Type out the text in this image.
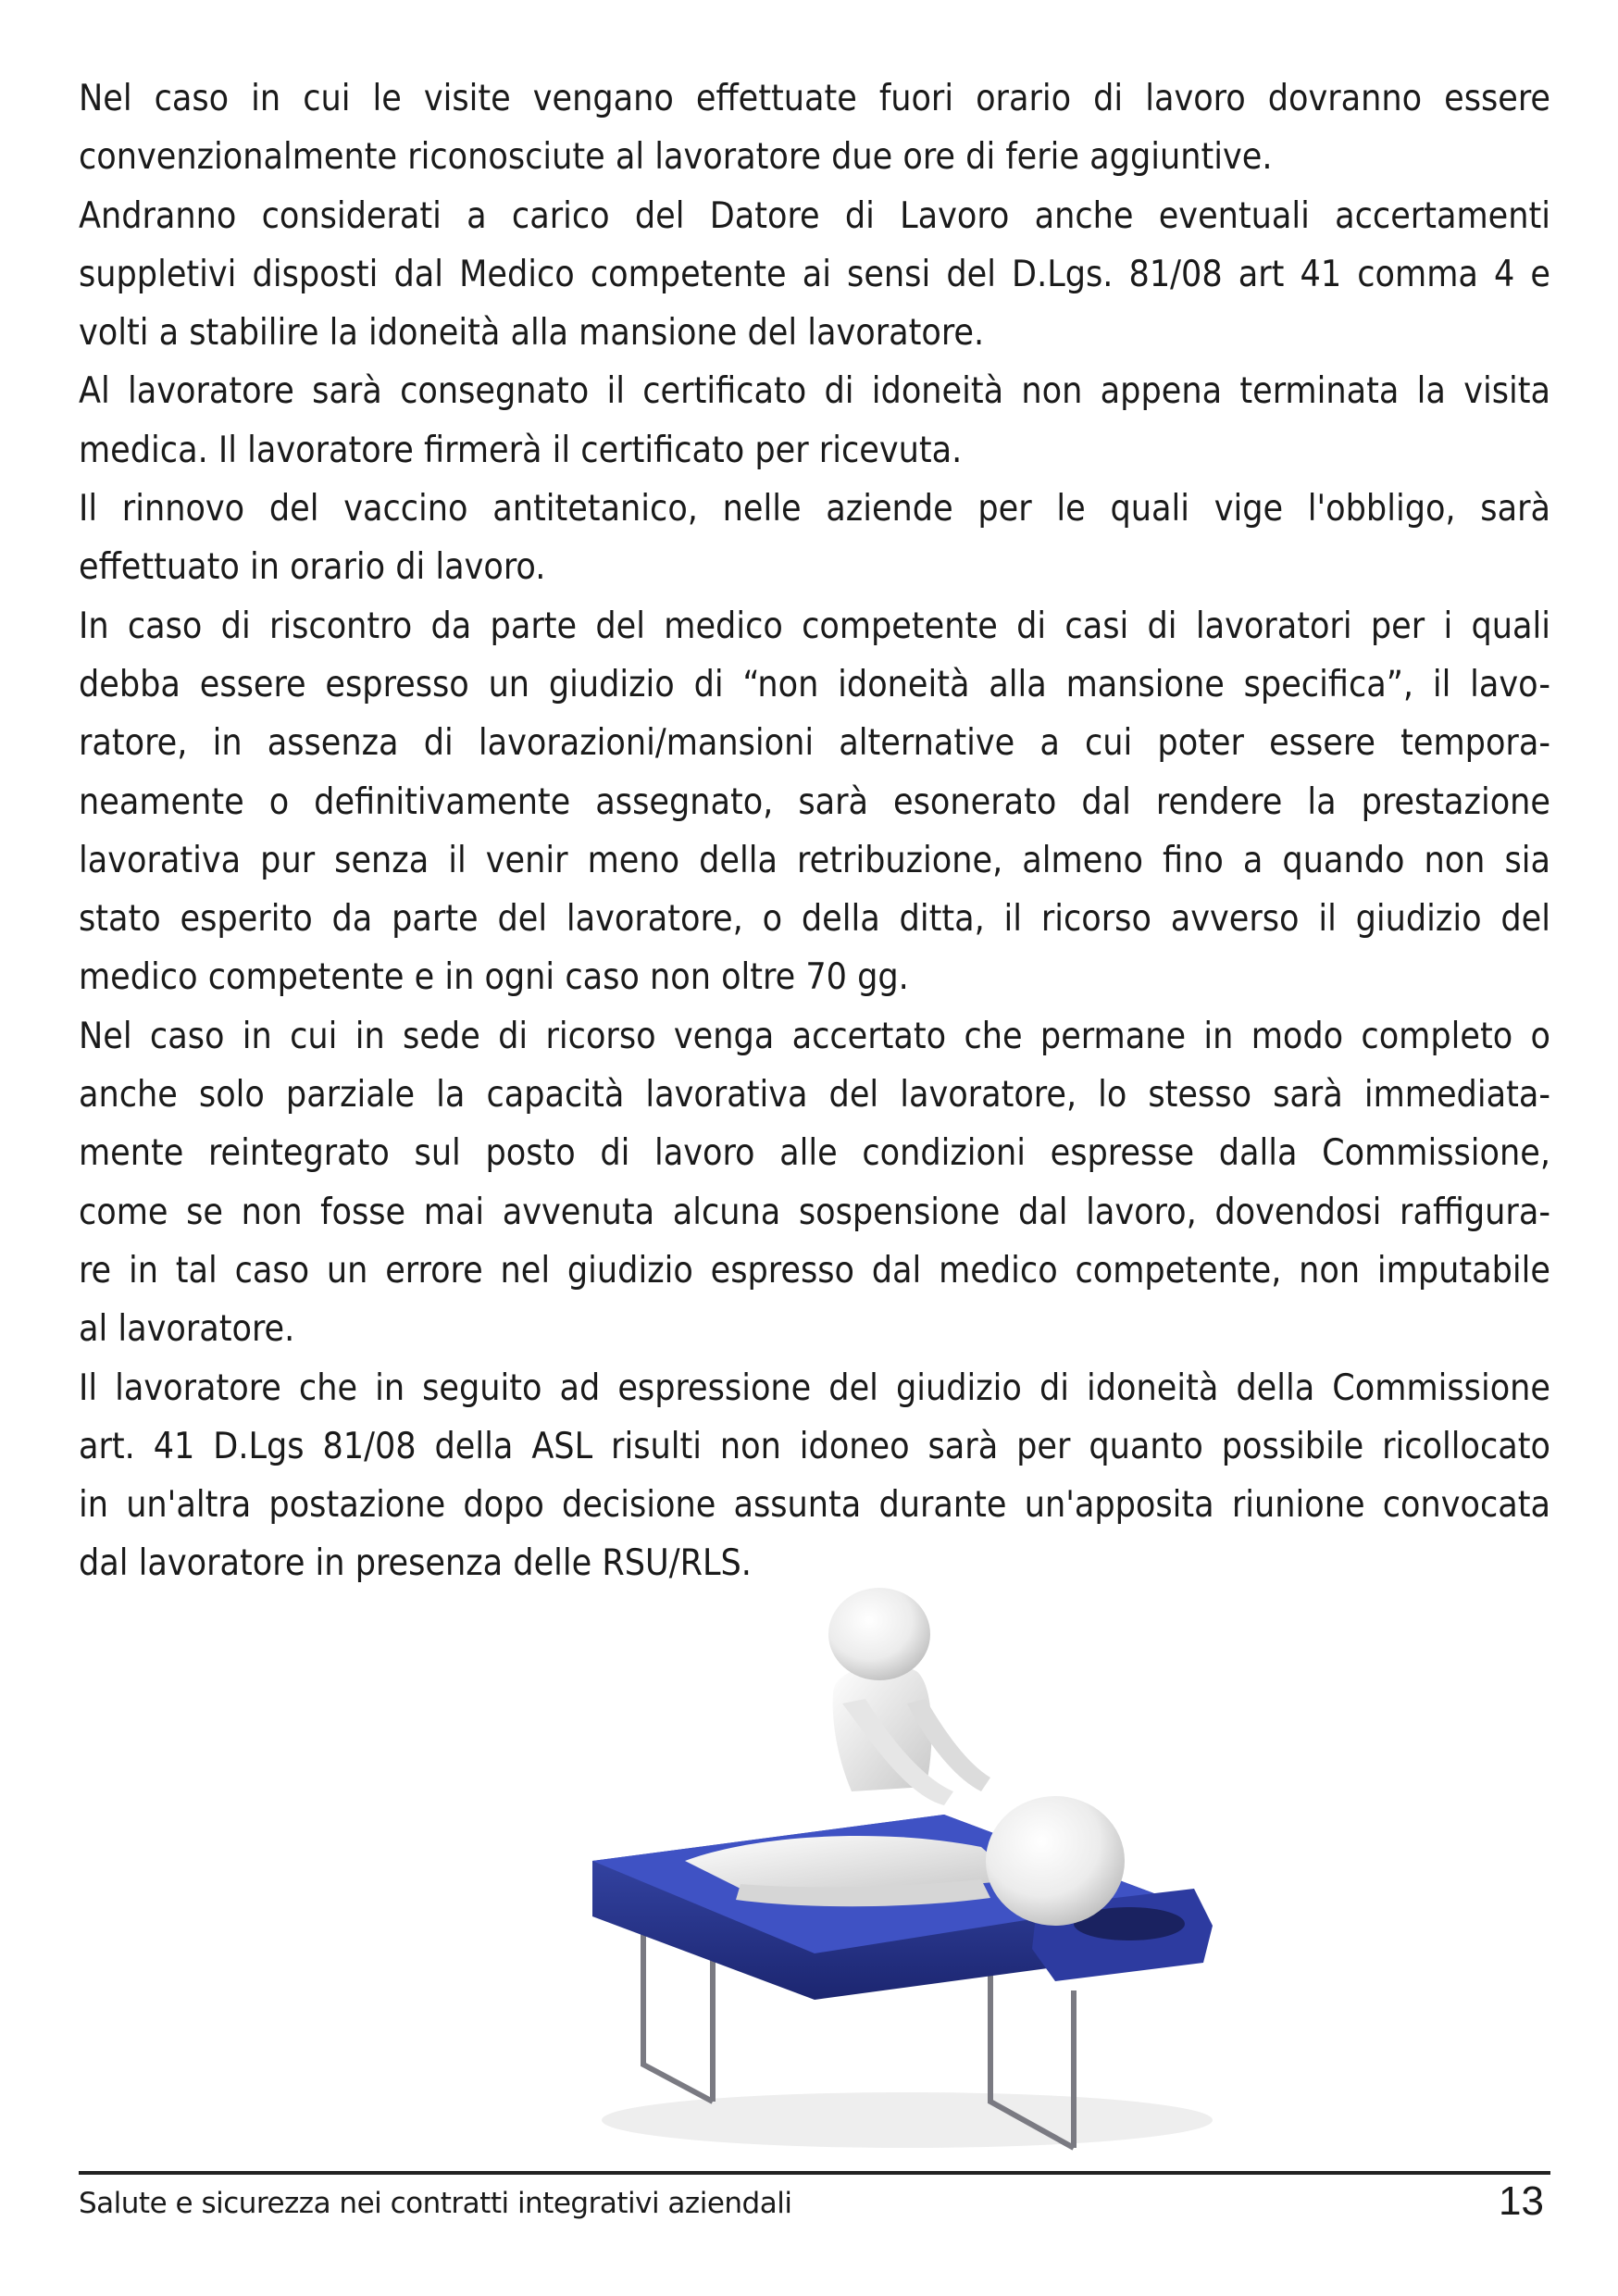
Nel caso in cui le visite vengano effettuate fuori orario di lavoro dovranno essere
convenzionalmente riconosciute al lavoratore due ore di ferie aggiuntive.
Andranno considerati a carico del Datore di Lavoro anche eventuali accertamenti
suppletivi disposti dal Medico competente ai sensi del D.Lgs. 81/08 art 41 comma 4 e
volti a stabilire la idoneità alla mansione del lavoratore.
Al lavoratore sarà consegnato il certificato di idoneità non appena terminata la visita
medica. Il lavoratore firmerà il certificato per ricevuta.
Il rinnovo del vaccino antitetanico, nelle aziende per le quali vige l'obbligo, sarà
effettuato in orario di lavoro.
In caso di riscontro da parte del medico competente di casi di lavoratori per i quali
debba essere espresso un giudizio di “non idoneità alla mansione specifica”, il lavo-
ratore, in assenza di lavorazioni/mansioni alternative a cui poter essere tempora-
neamente o definitivamente assegnato, sarà esonerato dal rendere la prestazione
lavorativa pur senza il venir meno della retribuzione, almeno fino a quando non sia
stato esperito da parte del lavoratore, o della ditta, il ricorso avverso il giudizio del
medico competente e in ogni caso non oltre 70 gg.
Nel caso in cui in sede di ricorso venga accertato che permane in modo completo o
anche solo parziale la capacità lavorativa del lavoratore, lo stesso sarà immediata-
mente reintegrato sul posto di lavoro alle condizioni espresse dalla Commissione,
come se non fosse mai avvenuta alcuna sospensione dal lavoro, dovendosi raffigura-
re in tal caso un errore nel giudizio espresso dal medico competente, non imputabile
al lavoratore.
Il lavoratore che in seguito ad espressione del giudizio di idoneità della Commissione
art. 41 D.Lgs 81/08 della ASL risulti non idoneo sarà per quanto possibile ricollocato
in un'altra postazione dopo decisione assunta durante un'apposita riunione convocata
dal lavoratore in presenza delle RSU/RLS.
Salute e sicurezza nei contratti integrativi aziendali	13
